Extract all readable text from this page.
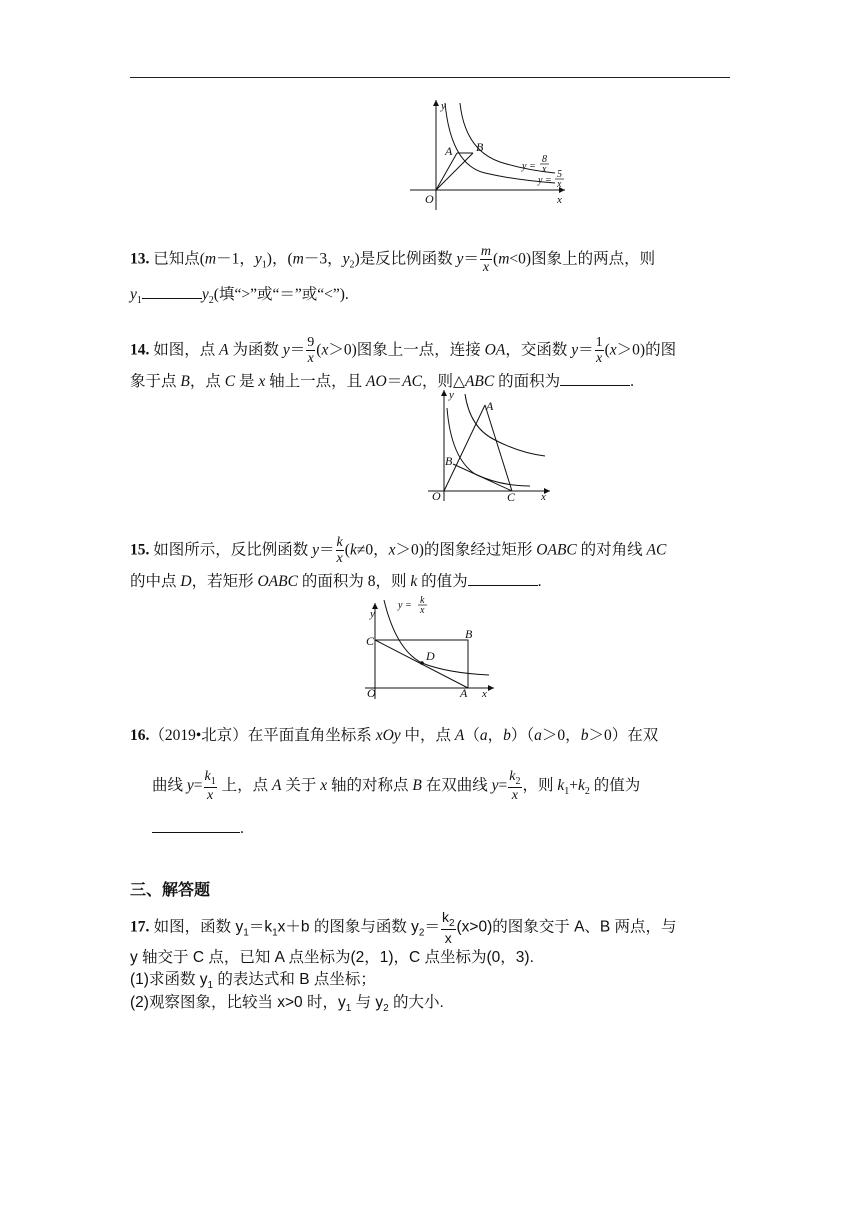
y
x
O
A B
y =
8
x
y =
5
x
13. 已知点(m－1，$y_1$)，(m－3，$y_2$)是反比例函数 $y= \frac{m}{x} (m<0)$图象上的两点，则
$y_1$	$y_2$(填“>”或“＝”或“<”).
14. 如图，点 A 为函数 $y= \frac{9}{x} (x>0)$图象上一点，连接 OA，交函数 $y= \frac{1}{x} (x>0)$的图
象于点 B，点 C 是 x 轴上一点，且 AO＝AC，则△ABC 的面积为	.
y
x
O
A
B
C
15. 如图所示，反比例函数 $y= \frac{k}{x} (k\ne 0$，x＞0)的图象经过矩形 OABC 的对角线 AC
的中点 D，若矩形 OABC 的面积为 8，则 k 的值为	.
y
x
O	A
B
C
D
y = k
x
16.（2019•北京）在平面直角坐标系 xOy 中，点 A（a，b）（a＞0，b＞0）在双
曲线 $y= \frac{k_1}{x}$ 上，点 A 关于 x 轴的对称点 B 在双曲线 $y= \frac{k_2}{x}$ ，则 $k_1+k_2$ 的值为
.
三、解答题
17. 如图，函数 $y_1=k_1x+b$ 的图象与函数 $y_2= \frac{k_2}{x} (x>0)$的图象交于 A、B 两点，与
y 轴交于 C 点，已知 A 点坐标为(2，1)，C 点坐标为(0，3).
(1)求函数 $y_1$ 的表达式和 B 点坐标；
(2)观察图象，比较当 x>0 时，$y_1$ 与 $y_2$ 的大小.
